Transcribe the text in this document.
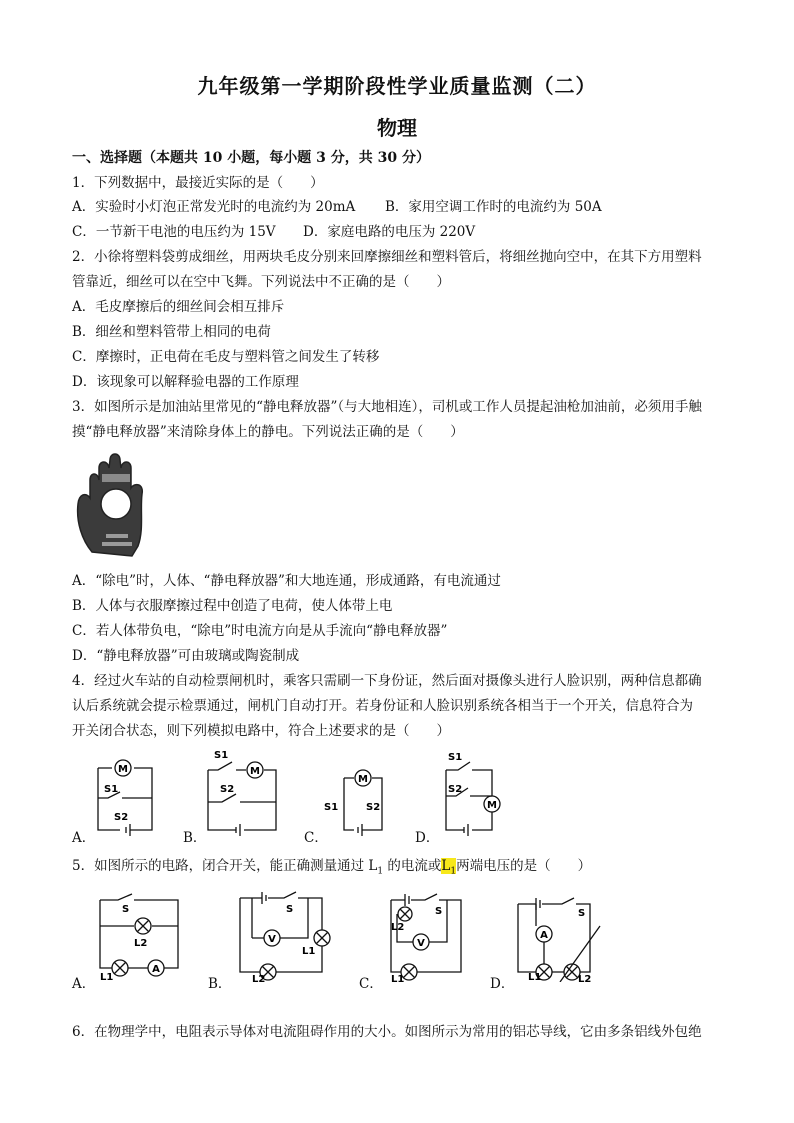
九年级第一学期阶段性学业质量监测（二）
物理
一、选择题（本题共 10 小题，每小题 3 分，共 30 分）
1．下列数据中，最接近实际的是（　　）
A．实验时小灯泡正常发光时的电流约为 20mA B．家用空调工作时的电流约为 50A
C．一节新干电池的电压约为 15V D．家庭电路的电压为 220V
2．小徐将塑料袋剪成细丝，用两块毛皮分别来回摩擦细丝和塑料管后，将细丝抛向空中，在其下方用塑料
管靠近，细丝可以在空中飞舞。下列说法中不正确的是（　　）
A．毛皮摩擦后的细丝间会相互排斥
B．细丝和塑料管带上相同的电荷
C．摩擦时，正电荷在毛皮与塑料管之间发生了转移
D．该现象可以解释验电器的工作原理
3．如图所示是加油站里常见的“静电释放器”（与大地相连），司机或工作人员提起油枪加油前，必须用手触
摸“静电释放器”来清除身体上的静电。下列说法正确的是（　　）
A．“除电”时，人体、“静电释放器”和大地连通，形成通路，有电流通过
B．人体与衣服摩擦过程中创造了电荷，使人体带上电
C．若人体带负电，“除电”时电流方向是从手流向“静电释放器”
D．“静电释放器”可由玻璃或陶瓷制成
4．经过火车站的自动检票闸机时，乘客只需刷一下身份证，然后面对摄像头进行人脸识别，两种信息都确
认后系统就会提示检票通过，闸机门自动打开。若身份证和人脸识别系统各相当于一个开关，信息符合为
开关闭合状态，则下列模拟电路中，符合上述要求的是（　　）
A．	B．	C．	D．
M
S1
S2
S1
M
S2
M
S1	S2
S1
S2
M
5．如图所示的电路，闭合开关，能正确测量通过 $L_1$ 的电流或$L_1$两端电压的是（　　）
A．	B．	C．	D．
S
L2
L1
A
S
V
L1
L2
S
L2
V
L1
S
A
L1	L2
6．在物理学中，电阻表示导体对电流阻碍作用的大小。如图所示为常用的铝芯导线，它由多条铝线外包绝
